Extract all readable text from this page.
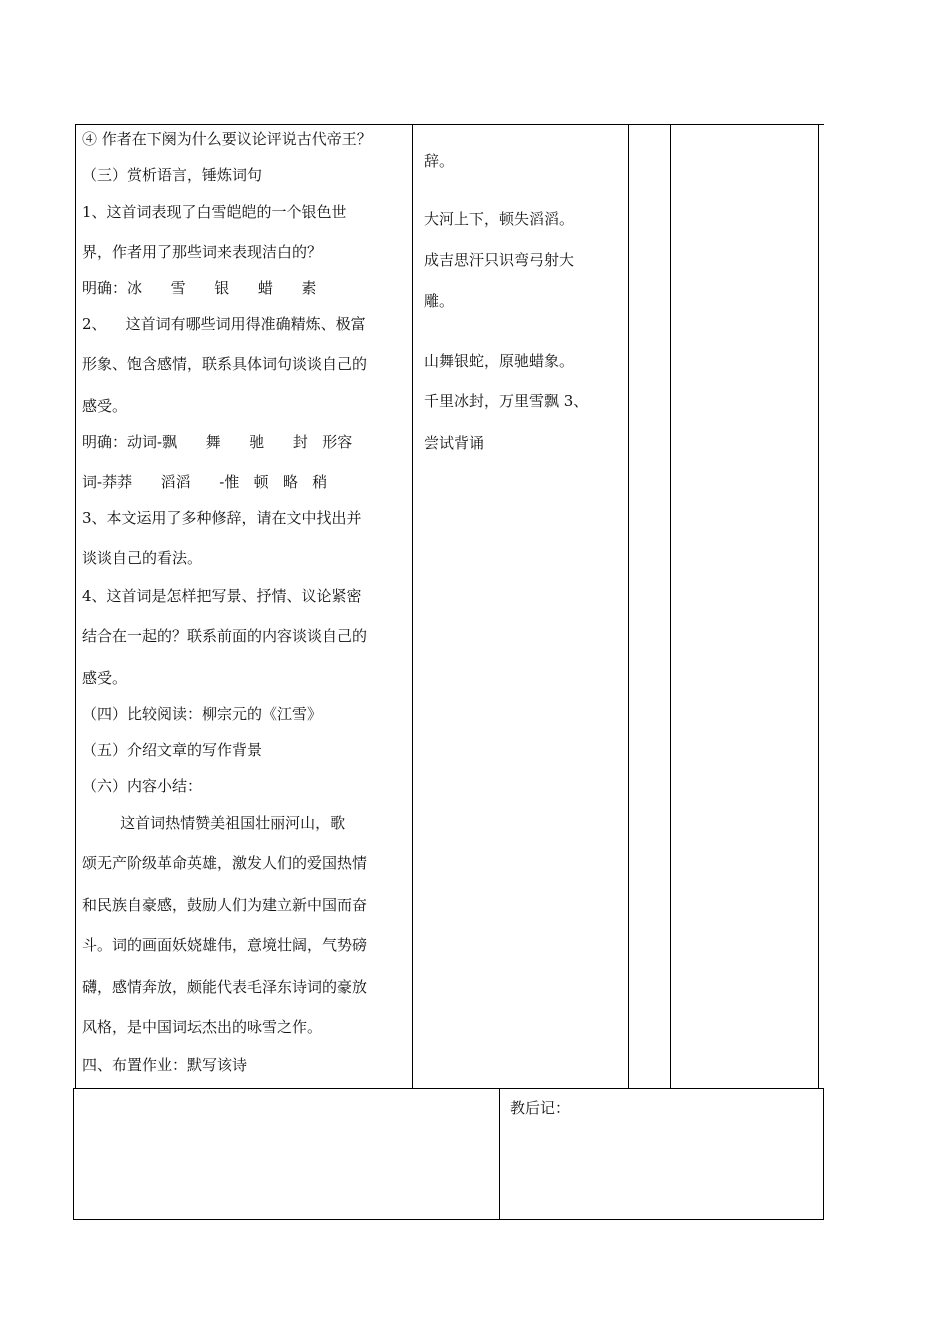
④ 作者在下阕为什么要议论评说古代帝王？
（三）赏析语言，锤炼词句
1、这首词表现了白雪皑皑的一个银色世
界，作者用了那些词来表现洁白的？
明确：冰      雪      银      蜡      素
2、    这首词有哪些词用得准确精炼、极富
形象、饱含感情，联系具体词句谈谈自己的
感受。
明确：动词-飘      舞      驰      封   形容
词-莽莽      滔滔      -惟   顿   略   稍
3、本文运用了多种修辞，请在文中找出并
谈谈自己的看法。
4、这首词是怎样把写景、抒情、议论紧密
结合在一起的？联系前面的内容谈谈自己的
感受。
（四）比较阅读：柳宗元的《江雪》
（五）介绍文章的写作背景
（六）内容小结：
这首词热情赞美祖国壮丽河山，歌
颂无产阶级革命英雄，激发人们的爱国热情
和民族自豪感，鼓励人们为建立新中国而奋
斗。词的画面妖娆雄伟，意境壮阔，气势磅
礴，感情奔放，颇能代表毛泽东诗词的豪放
风格，是中国词坛杰出的咏雪之作。
四、布置作业：默写该诗
辞。
大河上下，顿失滔滔。
成吉思汗只识弯弓射大
雕。
山舞银蛇，原驰蜡象。
千里冰封，万里雪飘 3、
尝试背诵
教后记：
